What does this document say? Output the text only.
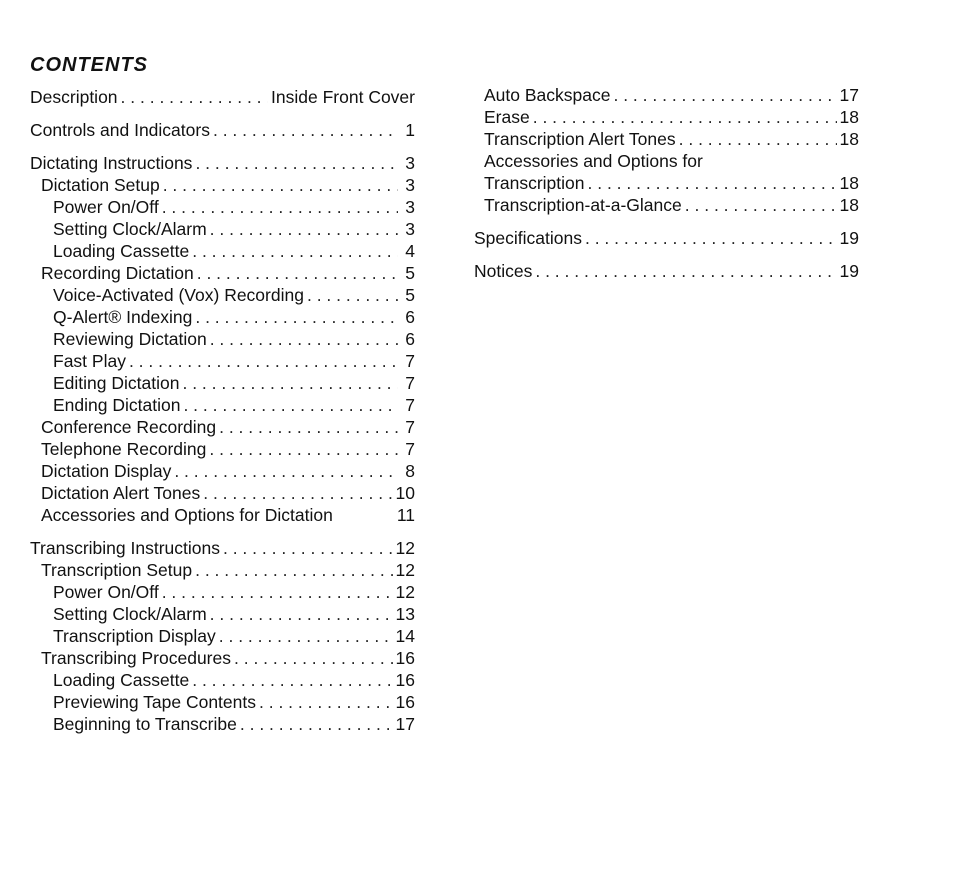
CONTENTS
Description . . .	Inside Front Cover
Controls and Indicators . . .	1
Dictating Instructions . . .	3
Dictation Setup . . .	3
Power On/Off . . .	3
Setting Clock/Alarm . . .	3
Loading Cassette . . .	4
Recording Dictation . . .	5
Voice-Activated (Vox) Recording . . .	5
Q-Alert® Indexing . . .	6
Reviewing Dictation . . .	6
Fast Play . . .	7
Editing Dictation . . .	7
Ending Dictation . . .	7
Conference Recording . . .	7
Telephone Recording . . .	7
Dictation Display . . .	8
Dictation Alert Tones . . .	10
Accessories and Options for Dictation	11
Transcribing Instructions . . .	12
Transcription Setup . . .	12
Power On/Off . . .	12
Setting Clock/Alarm . . .	13
Transcription Display . . .	14
Transcribing Procedures . . .	16
Loading Cassette . . .	16
Previewing Tape Contents . . .	16
Beginning to Transcribe . . .	17
Auto Backspace . . .	17
Erase . . .	18
Transcription Alert Tones . . .	18
Accessories and Options for
Transcription . . .	18
Transcription-at-a-Glance . . .	18
Specifications . . .	19
Notices . . .	19
